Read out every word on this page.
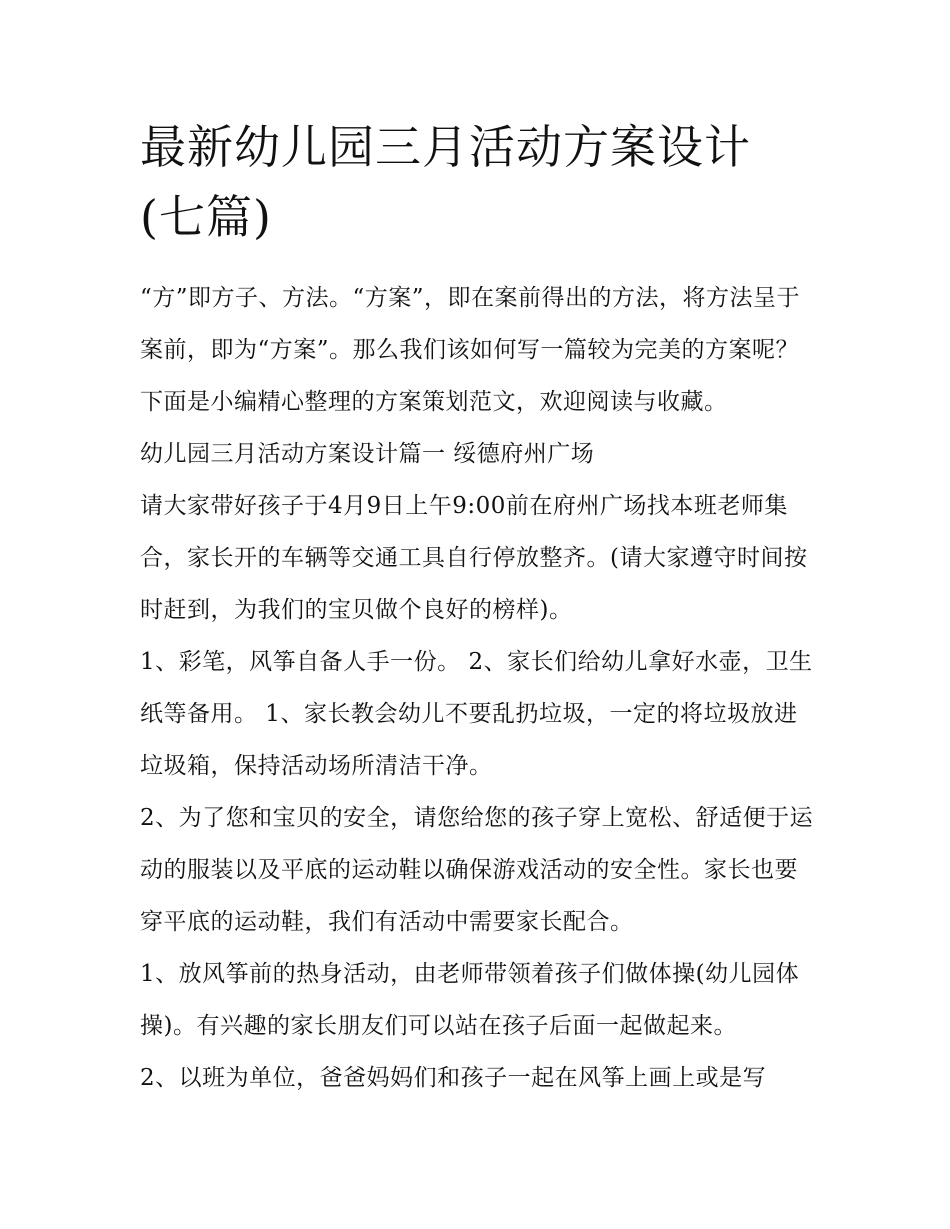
最新幼儿园三月活动方案设计
(七篇)

“方”即方子、方法。“方案”，即在案前得出的方法，将方法呈于案前，即为“方案”。那么我们该如何写一篇较为完美的方案呢？下面是小编精心整理的方案策划范文，欢迎阅读与收藏。

幼儿园三月活动方案设计篇一 绥德府州广场

请大家带好孩子于4月9日上午9:00前在府州广场找本班老师集合，家长开的车辆等交通工具自行停放整齐。(请大家遵守时间按时赶到，为我们的宝贝做个良好的榜样)。

1、彩笔，风筝自备人手一份。 2、家长们给幼儿拿好水壶，卫生纸等备用。 1、家长教会幼儿不要乱扔垃圾，一定的将垃圾放进垃圾箱，保持活动场所清洁干净。

2、为了您和宝贝的安全，请您给您的孩子穿上宽松、舒适便于运动的服装以及平底的运动鞋以确保游戏活动的安全性。家长也要穿平底的运动鞋，我们有活动中需要家长配合。

1、放风筝前的热身活动，由老师带领着孩子们做体操(幼儿园体操)。有兴趣的家长朋友们可以站在孩子后面一起做起来。

2、以班为单位，爸爸妈妈们和孩子一起在风筝上画上或是写
